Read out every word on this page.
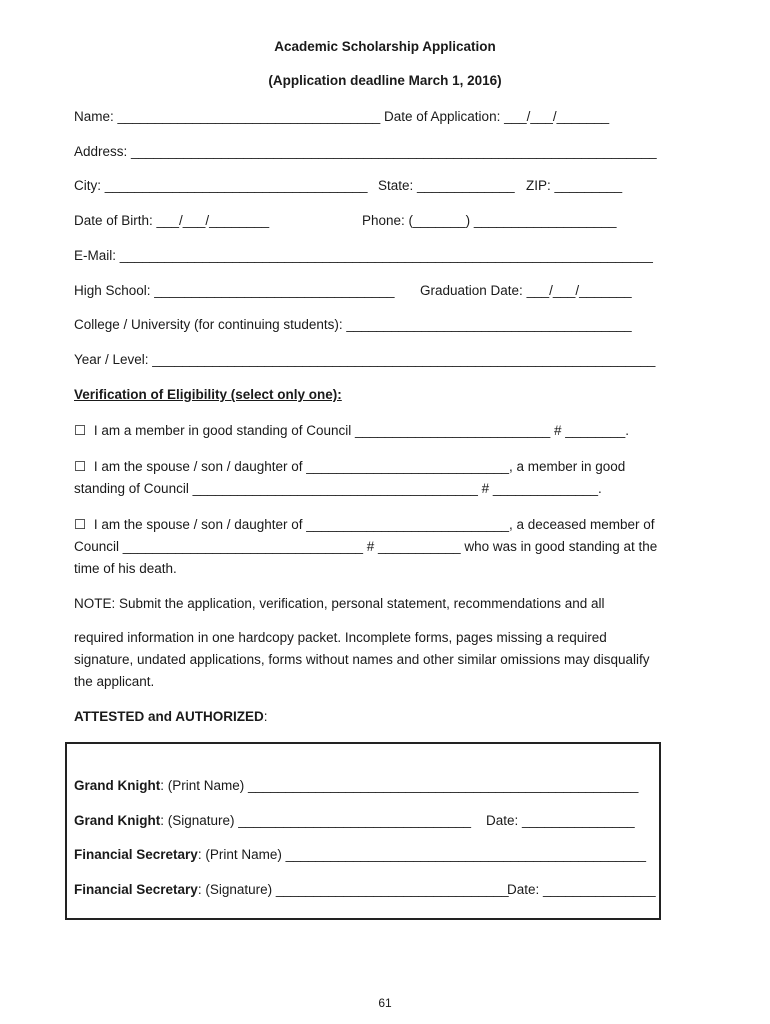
Academic Scholarship Application
(Application deadline March 1, 2016)
Name: ___________________________________ Date of Application: ___/___/_______
Address: ______________________________________________________________________
City: ___________________________________ State: _____________ ZIP: _________
Date of Birth: ___/___/________	Phone: (_______) ___________________
E-Mail: _______________________________________________________________________
High School: ________________________________ Graduation Date: ___/___/_______
College / University (for continuing students): ______________________________________
Year / Level: ___________________________________________________________________
Verification of Eligibility (select only one):
☐ I am a member in good standing of Council __________________________ # ________.
☐ I am the spouse / son / daughter of ___________________________, a member in good
standing of Council ______________________________________ # ______________.
☐ I am the spouse / son / daughter of ___________________________, a deceased member of
Council ________________________________ # ___________ who was in good standing at the
time of his death.
NOTE: Submit the application, verification, personal statement, recommendations and all
required information in one hardcopy packet. Incomplete forms, pages missing a required
signature, undated applications, forms without names and other similar omissions may disqualify
the applicant.
ATTESTED and AUTHORIZED:
Grand Knight: (Print Name) ____________________________________________________
Grand Knight: (Signature) _______________________________ Date: _______________
Financial Secretary: (Print Name) ________________________________________________
Financial Secretary: (Signature) _______________________________
Date: _______________
61
